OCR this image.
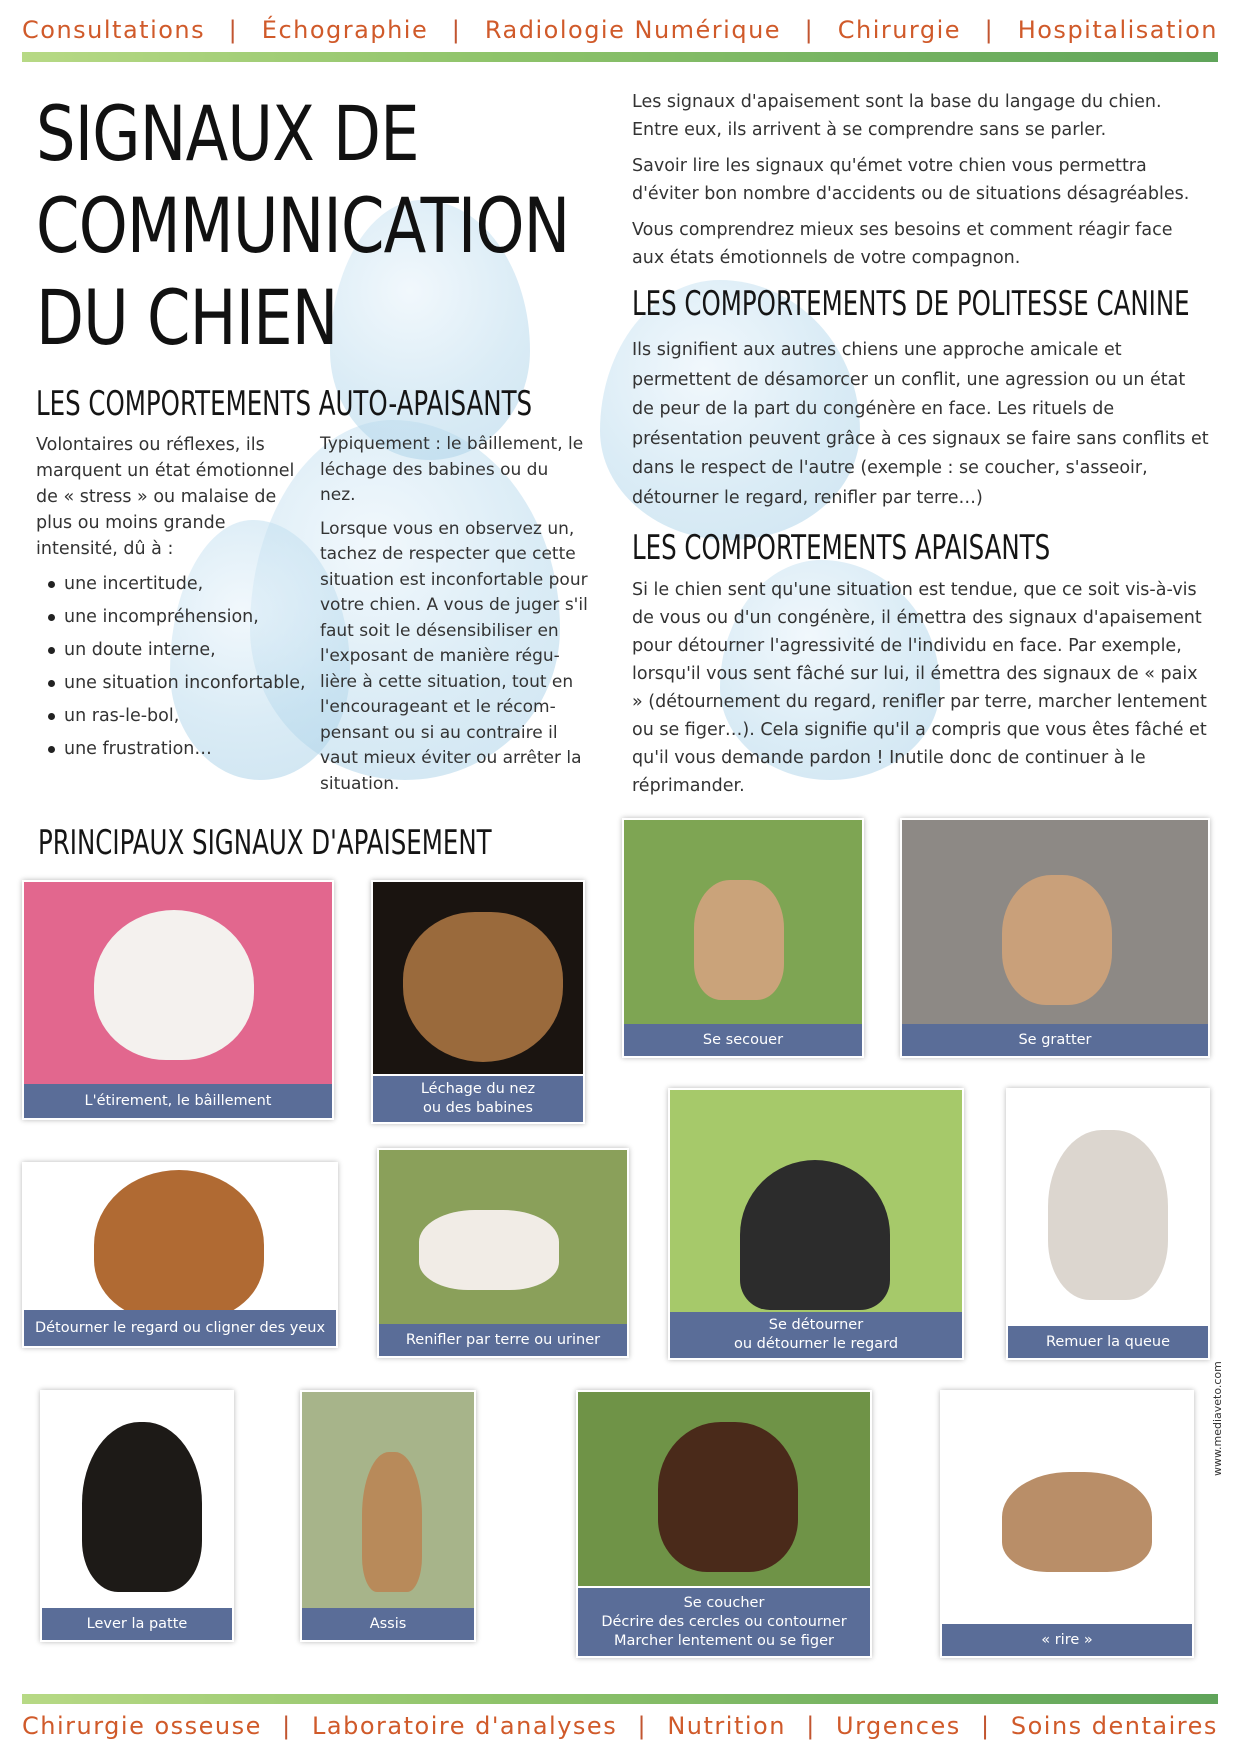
Consultations | Échographie | Radiologie Numérique | Chirurgie | Hospitalisation
SIGNAUX DE
COMMUNICATION
DU CHIEN
LES COMPORTEMENTS AUTO-APAISANTS

Volontaires ou réflexes, ils marquent un état émotionnel de « stress » ou malaise de plus ou moins grande intensité, dû à :

une incertitude,
une incompréhension,
un doute interne,
une situation inconfortable,
un ras-le-bol,
une frustration…

Typiquement : le bâillement, le léchage des babines ou du nez.

Lorsque vous en observez un, tachez de respecter que cette situation est inconfortable pour votre chien. A vous de juger s'il faut soit le désensibiliser en l'exposant de manière régu-lière à cette situation, tout en l'encourageant et le récom-pensant ou si au contraire il vaut mieux éviter ou arrêter la situation.

Les signaux d'apaisement sont la base du langage du chien. Entre eux, ils arrivent à se comprendre sans se parler.

Savoir lire les signaux qu'émet votre chien vous permettra d'éviter bon nombre d'accidents ou de situations désagréables.

Vous comprendrez mieux ses besoins et comment réagir face aux états émotionnels de votre compagnon.

LES COMPORTEMENTS DE POLITESSE CANINE
Ils signifient aux autres chiens une approche amicale et permettent de désamorcer un conflit, une agression ou un état de peur de la part du congénère en face. Les rituels de présentation peuvent grâce à ces signaux se faire sans conflits et dans le respect de l'autre (exemple : se coucher, s'asseoir, détourner le regard, renifler par terre…)
LES COMPORTEMENTS APAISANTS
Si le chien sent qu'une situation est tendue, que ce soit vis-à-vis de vous ou d'un congénère, il émettra des signaux d'apaisement pour détourner l'agressivité de l'individu en face. Par exemple, lorsqu'il vous sent fâché sur lui, il émettra des signaux de « paix » (détournement du regard, renifler par terre, marcher lentement ou se figer…). Cela signifie qu'il a compris que vous êtes fâché et qu'il vous demande pardon ! Inutile donc de continuer à le réprimander.
PRINCIPAUX SIGNAUX D'APAISEMENT
L'étirement, le bâillement
Léchage du nez
ou des babines
Se secouer	Se gratter
Détourner le regard ou cligner des yeux
Renifler par terre ou uriner
Se détourner
ou détourner le regard	Remuer la queue
Lever la patte	Assis
Se coucher
Décrire des cercles ou contourner
Marcher lentement ou se figer	« rire »
www.mediaveto.com
Chirurgie osseuse | Laboratoire d'analyses | Nutrition | Urgences | Soins dentaires
